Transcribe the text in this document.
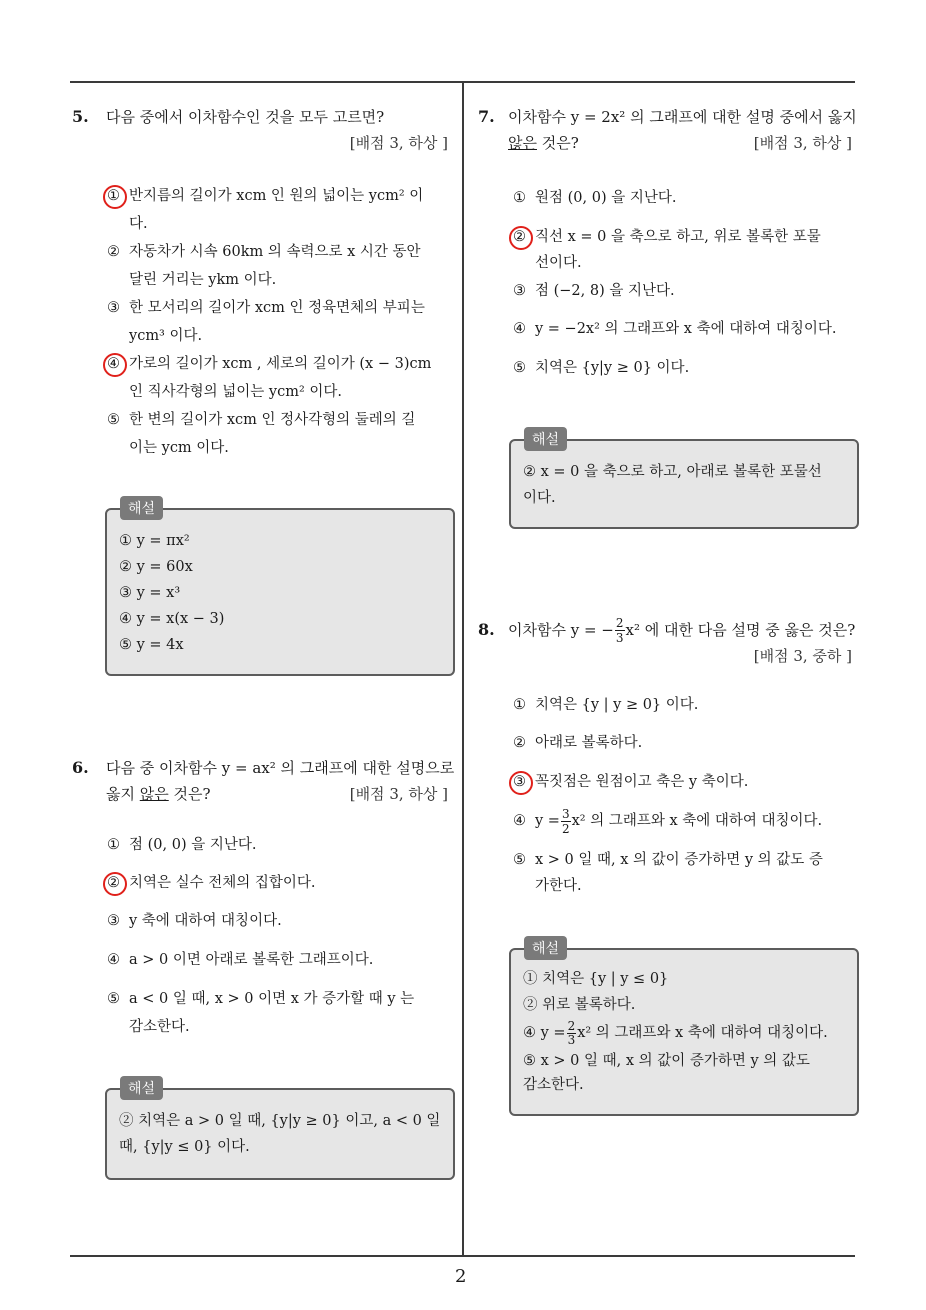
2
5. 다음 중에서 이차함수인 것을 모두 고르면?
[배점 3, 하상 ]
① 반지름의 길이가 xcm 인 원의 넓이는 ycm² 이
다.
② 자동차가 시속 60km 의 속력으로 x 시간 동안
달린 거리는 ykm 이다.
③ 한 모서리의 길이가 xcm 인 정육면체의 부피는
ycm³ 이다.
④ 가로의 길이가 xcm , 세로의 길이가 (x − 3)cm
인 직사각형의 넓이는 ycm² 이다.
⑤ 한 변의 길이가 xcm 인 정사각형의 둘레의 길
이는 ycm 이다.
① y = πx²
② y = 60x
③ y = x³
④ y = x(x − 3)
⑤ y = 4x
해설
6. 다음 중 이차함수 y = ax² 의 그래프에 대한 설명으로
옳지 않은 것은?	[배점 3, 하상 ]
① 점 (0, 0) 을 지난다.
② 치역은 실수 전체의 집합이다.
③ y 축에 대하여 대칭이다.
④ a > 0 이면 아래로 볼록한 그래프이다.
⑤ a < 0 일 때, x > 0 이면 x 가 증가할 때 y 는
감소한다.
② 치역은 a > 0 일 때, {y|y ≥ 0} 이고, a < 0 일
때, {y|y ≤ 0} 이다.
해설
7. 이차함수 y = 2x² 의 그래프에 대한 설명 중에서 옳지
않은 것은?	[배점 3, 하상 ]
① 원점 (0, 0) 을 지난다.
② 직선 x = 0 을 축으로 하고, 위로 볼록한 포물
선이다.
③ 점 (−2, 8) 을 지난다.
④ y = −2x² 의 그래프와 x 축에 대하여 대칭이다.
⑤ 치역은 {y|y ≥ 0} 이다.
② x = 0 을 축으로 하고, 아래로 볼록한 포물선
이다.
해설
8. 이차함수 y = − $\frac{2}{3} x^2$ 에 대한 다음 설명 중 옳은 것은?
[배점 3, 중하 ]
① 치역은 {y | y ≥ 0} 이다.
② 아래로 볼록하다.
③ 꼭짓점은 원점이고 축은 y 축이다.
④ $y = \frac{3}{2} x^2$ 의 그래프와 x 축에 대하여 대칭이다.
⑤ x > 0 일 때, x 의 값이 증가하면 y 의 값도 증
가한다.
① 치역은 {y | y ≤ 0}
② 위로 볼록하다.
④ $y = \frac{2}{3} x^2$ 의 그래프와 x 축에 대하여 대칭이다.
⑤ x > 0 일 때, x 의 값이 증가하면 y 의 값도
감소한다.
해설
